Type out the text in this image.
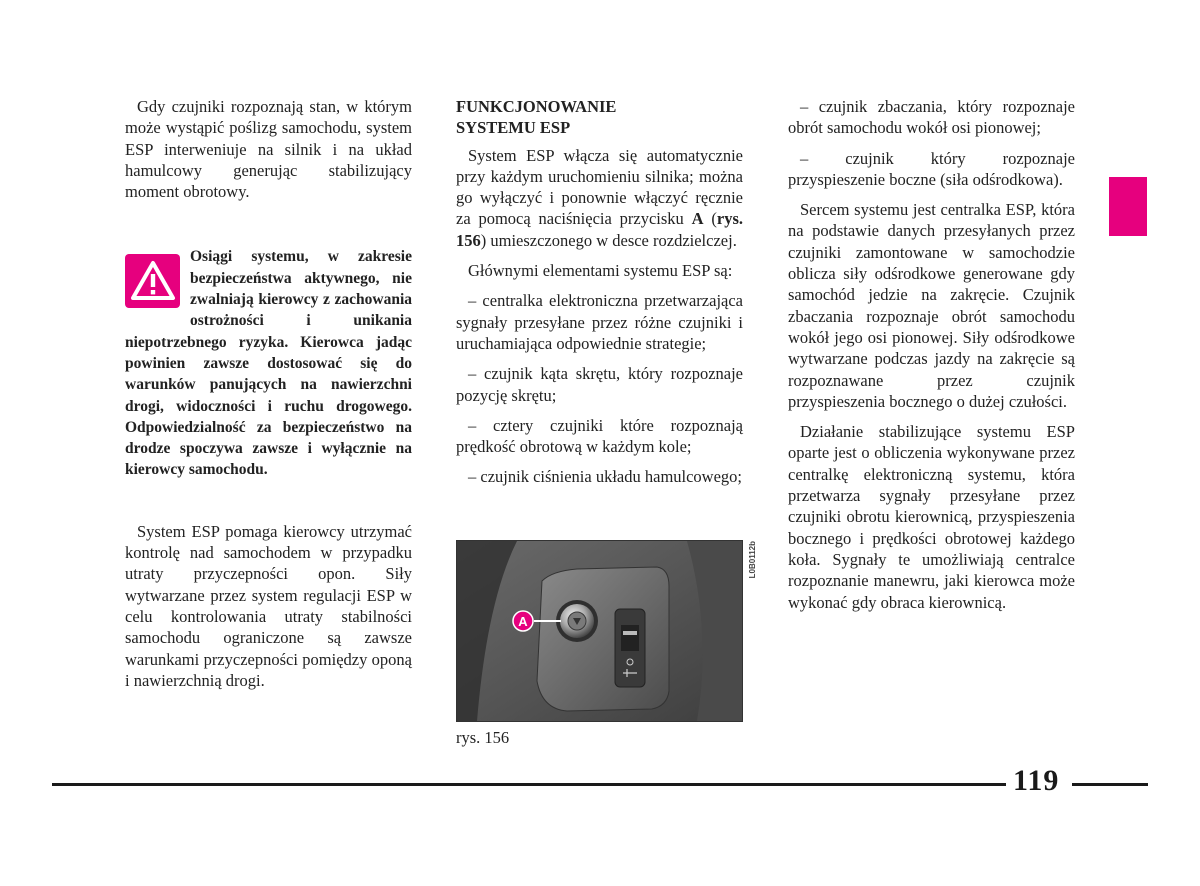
Gdy czujniki rozpoznają stan, w którym może wystąpić poślizg samochodu, system ESP interweniuje na silnik i na układ hamulcowy generując stabilizujący moment obrotowy.

Osiągi systemu, w zakresie bezpieczeństwa aktywnego, nie zwalniają kierowcy z zachowania ostrożności i unikania niepotrzebnego ryzyka. Kierowca jadąc powinien zawsze dostosować się do warunków panujących na nawierzchni drogi, widoczności i ruchu drogowego. Odpowiedzialność za bezpieczeństwo na drodze spoczywa zawsze i wyłącznie na kierowcy samochodu.

System ESP pomaga kierowcy utrzymać kontrolę nad samochodem w przypadku utraty przyczepności opon. Siły wytwarzane przez system regulacji ESP w celu kontrolowania utraty stabilności samochodu ograniczone są zawsze warunkami przyczepności pomiędzy oponą i nawierzchnią drogi.

FUNKCJONOWANIE
SYSTEMU ESP

System ESP włącza się automatycznie przy każdym uruchomieniu silnika; można go wyłączyć i ponownie włączyć ręcznie za pomocą naciśnięcia przycisku A (rys. 156) umieszczonego w desce rozdzielczej.

Głównymi elementami systemu ESP są:

– centralka elektroniczna przetwarzająca sygnały przesyłane przez różne czujniki i uruchamiająca odpowiednie strategie;

– czujnik kąta skrętu, który rozpoznaje pozycję skrętu;

– cztery czujniki które rozpoznają prędkość obrotową w każdym kole;

– czujnik ciśnienia układu hamulcowego;

A
L0B0112b
rys. 156

– czujnik zbaczania, który rozpoznaje obrót samochodu wokół osi pionowej;

– czujnik który rozpoznaje przyspieszenie boczne (siła odśrodkowa).

Sercem systemu jest centralka ESP, która na podstawie danych przesyłanych przez czujniki zamontowane w samochodzie oblicza siły odśrodkowe generowane gdy samochód jedzie na zakręcie. Czujnik zbaczania rozpoznaje obrót samochodu wokół jego osi pionowej. Siły odśrodkowe wytwarzane podczas jazdy na zakręcie są rozpoznawane przez czujnik przyspieszenia bocznego o dużej czułości.

Działanie stabilizujące systemu ESP oparte jest o obliczenia wykonywane przez centralkę elektroniczną systemu, która przetwarza sygnały przesyłane przez czujniki obrotu kierownicą, przyspieszenia bocznego i prędkości obrotowej każdego koła. Sygnały te umożliwiają centralce rozpoznanie manewru, jaki kierowca może wykonać gdy obraca kierownicą.

119
